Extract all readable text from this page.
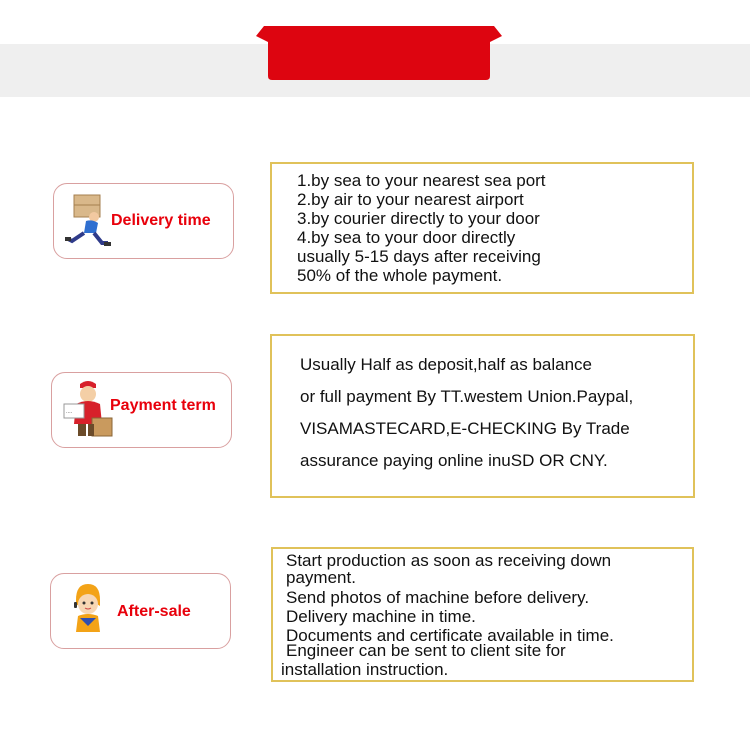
Delivery time
1.by sea to your nearest sea port
2.by air to your nearest airport
3.by courier directly to your door
4.by sea to your door directly
usually 5-15 days after receiving
50% of the whole payment.
···· Payment term
Usually Half as deposit,half as balance
or full payment By TT.westem Union.Paypal,
VISAMASTECARD,E-CHECKING By Trade
assurance paying online inuSD OR CNY.
After-sale
Start production as soon as receiving down
payment.
Send photos of machine before delivery.
Delivery machine in time.
Documents and certificate available in time.
Engineer can be sent to client site for
installation instruction.
